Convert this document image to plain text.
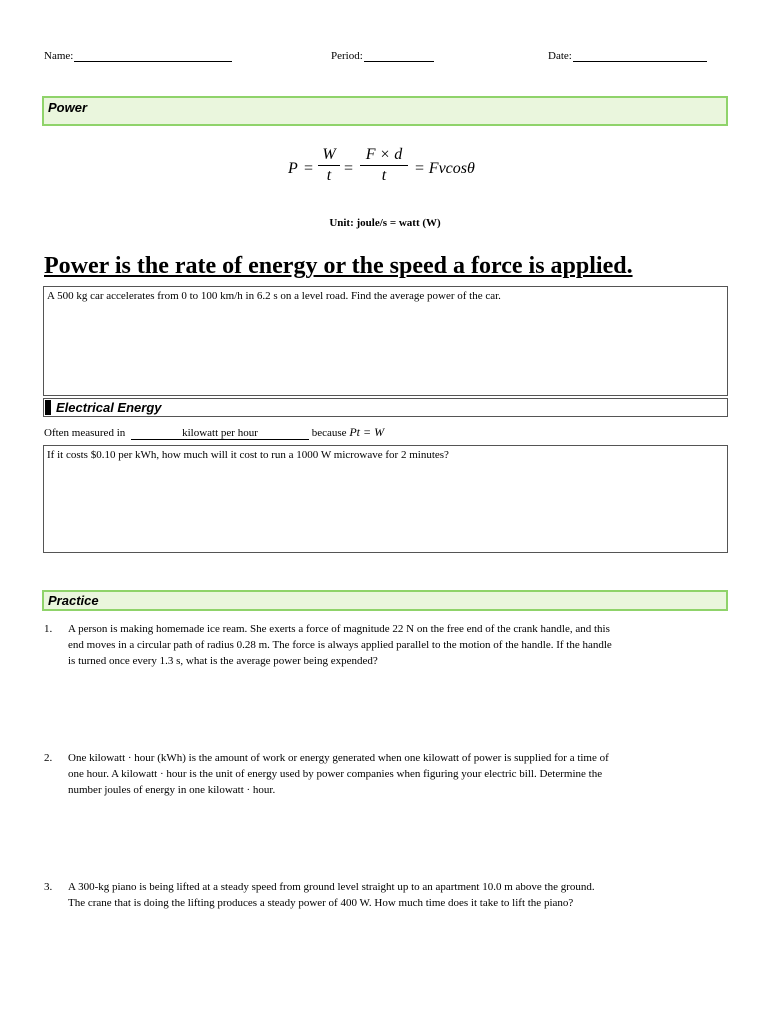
Name:	Period:	Date:
Power
P =
W
t =
F × d
t	= Fvcosθ
Unit: joule/s = watt (W)
Power is the rate of energy or the speed a force is applied.
A 500 kg car accelerates from 0 to 100 km/h in 6.2 s on a level road. Find the average power of the car.
Electrical Energy
Often measured in	kilowatt per hour	because Pt = W
If it costs $0.10 per kWh, how much will it cost to run a 1000 W microwave for 2 minutes?
Practice
1. A person is making homemade ice ream. She exerts a force of magnitude 22 N on the free end of the crank handle, and this
end moves in a circular path of radius 0.28 m. The force is always applied parallel to the motion of the handle. If the handle
is turned once every 1.3 s, what is the average power being expended?
2. One kilowatt · hour (kWh) is the amount of work or energy generated when one kilowatt of power is supplied for a time of
one hour. A kilowatt · hour is the unit of energy used by power companies when figuring your electric bill. Determine the
number joules of energy in one kilowatt · hour.
3. A 300-kg piano is being lifted at a steady speed from ground level straight up to an apartment 10.0 m above the ground.
The crane that is doing the lifting produces a steady power of 400 W. How much time does it take to lift the piano?
